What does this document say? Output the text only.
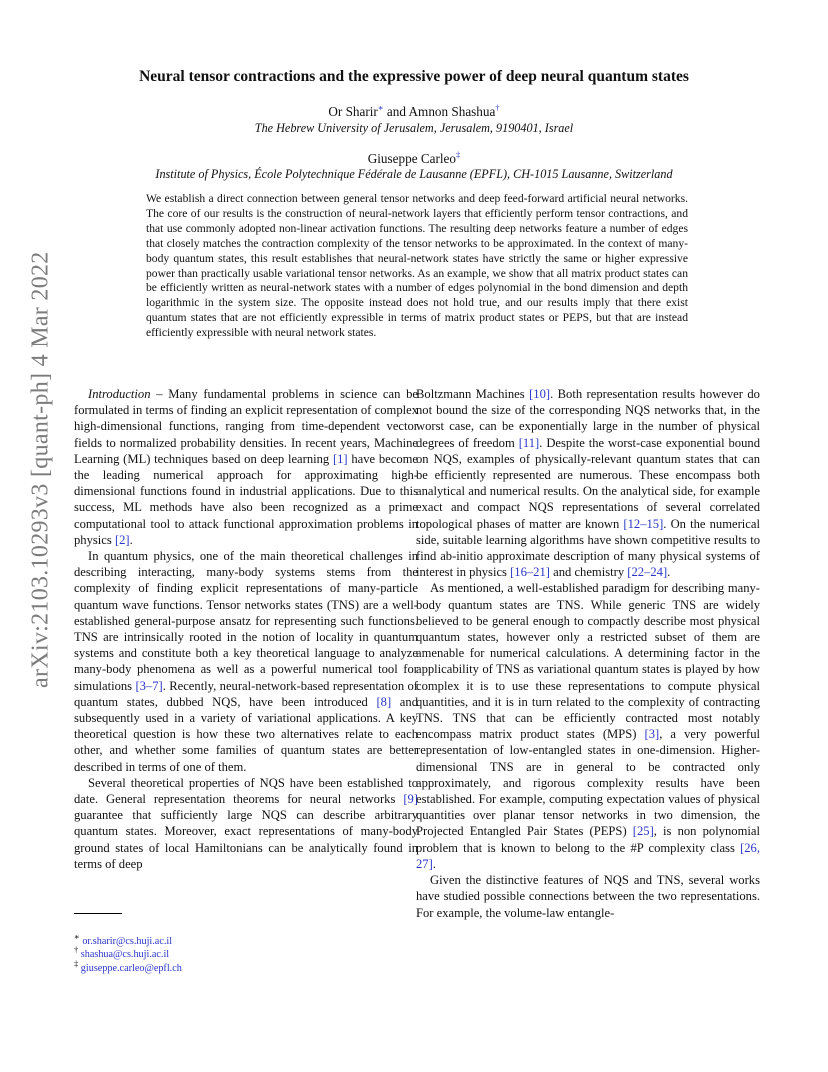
arXiv:2103.10293v3 [quant-ph] 4 Mar 2022
Neural tensor contractions and the expressive power of deep neural quantum states
Or Sharir∗ and Amnon Shashua†
The Hebrew University of Jerusalem, Jerusalem, 9190401, Israel
Giuseppe Carleo‡
Institute of Physics, École Polytechnique Fédérale de Lausanne (EPFL), CH-1015 Lausanne, Switzerland
We establish a direct connection between general tensor networks and deep feed-forward artificial neural networks. The core of our results is the construction of neural-network layers that efficiently perform tensor contractions, and that use commonly adopted non-linear activation functions. The resulting deep networks feature a number of edges that closely matches the contraction complexity of the tensor networks to be approximated. In the context of many-body quantum states, this result establishes that neural-network states have strictly the same or higher expressive power than practically usable variational tensor networks. As an example, we show that all matrix product states can be efficiently written as neural-network states with a number of edges polynomial in the bond dimension and depth logarithmic in the system size. The opposite instead does not hold true, and our results imply that there exist quantum states that are not efficiently expressible in terms of matrix product states or PEPS, but that are instead efficiently expressible with neural network states.

Introduction – Many fundamental problems in science can be formulated in terms of finding an explicit representation of complex high-dimensional functions, ranging from time-dependent vector fields to normalized probability densities. In recent years, Machine Learning (ML) techniques based on deep learning [1] have become the leading numerical approach for approximating high-dimensional functions found in industrial applications. Due to this success, ML methods have also been recognized as a prime computational tool to attack functional approximation problems in physics [2].

In quantum physics, one of the main theoretical challenges in describing interacting, many-body systems stems from the complexity of finding explicit representations of many-particle quantum wave functions. Tensor networks states (TNS) are a well-established general-purpose ansatz for representing such functions. TNS are intrinsically rooted in the notion of locality in quantum systems and constitute both a key theoretical language to analyze many-body phenomena as well as a powerful numerical tool for simulations [3–7]. Recently, neural-network-based representation of quantum states, dubbed NQS, have been introduced [8] and subsequently used in a variety of variational applications. A key theoretical question is how these two alternatives relate to each other, and whether some families of quantum states are better described in terms of one of them.

Several theoretical properties of NQS have been established to date. General representation theorems for neural networks [9] guarantee that sufficiently large NQS can describe arbitrary quantum states. Moreover, exact representations of many-body ground states of local Hamiltonians can be analytically found in terms of deep

Boltzmann Machines [10]. Both representation results however do not bound the size of the corresponding NQS networks that, in the worst case, can be exponentially large in the number of physical degrees of freedom [11]. Despite the worst-case exponential bound on NQS, examples of physically-relevant quantum states that can be efficiently represented are numerous. These encompass both analytical and numerical results. On the analytical side, for example exact and compact NQS representations of several correlated topological phases of matter are known [12–15]. On the numerical side, suitable learning algorithms have shown competitive results to find ab-initio approximate description of many physical systems of interest in physics [16–21] and chemistry [22–24].

As mentioned, a well-established paradigm for describing many-body quantum states are TNS. While generic TNS are widely believed to be general enough to compactly describe most physical quantum states, however only a restricted subset of them are amenable for numerical calculations. A determining factor in the applicability of TNS as variational quantum states is played by how complex it is to use these representations to compute physical quantities, and it is in turn related to the complexity of contracting TNS. TNS that can be efficiently contracted most notably encompass matrix product states (MPS) [3], a very powerful representation of low-entangled states in one-dimension. Higher-dimensional TNS are in general to be contracted only approximately, and rigorous complexity results have been established. For example, computing expectation values of physical quantities over planar tensor networks in two dimension, the Projected Entangled Pair States (PEPS) [25], is non polynomial problem that is known to belong to the #P complexity class [26, 27].

Given the distinctive features of NQS and TNS, several works have studied possible connections between the two representations. For example, the volume-law entangle-

∗ or.sharir@cs.huji.ac.il
† shashua@cs.huji.ac.il
‡ giuseppe.carleo@epfl.ch
